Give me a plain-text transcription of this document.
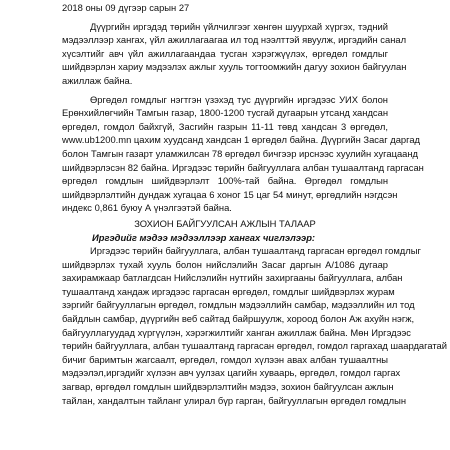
2018 оны 09 дүгээр сарын 27
Дүүргийн иргэдэд төрийн үйлчилгээг хөнгөн шуурхай хүргэх, тэдний
мэдээллээр хангах, үйл ажиллагаагаа ил тод нээлттэй явуулж, иргэдийн санал
хүсэлтийг авч үйл ажиллагаандаа тусган хэрэгжүүлэх, өргөдөл гомдлыг
шийдвэрлэн хариу мэдээлэх ажлыг хууль тогтоомжийн дагуу зохион байгуулан
ажиллаж байна.
Өргөдөл гомдлыг нэгтгэн үзэхэд тус дүүргийн иргэдээс УИХ болон
Ерөнхийлөгчийн Тамгын газар, 1800-1200 тусгай дугаарын утсанд хандсан
өргөдөл, гомдол байхгүй, Засгийн газрын 11-11 төвд хандсан 3 өргөдөл,
www.ub1200.mn цахим хуудсанд хандсан 1 өргөдөл байна. Дүүргийн Засаг даргад
болон Тамгын газарт уламжилсан 78 өргөдөл бичгээр ирснээс хуулийн хугацаанд
шийдвэрлэсэн 82 байна. Иргэдээс төрийн байгууллага албан тушаалтанд гаргасан
өргөдөл гомдлын шийдвэрлэлт 100%-тай байна. Өргөдөл гомдлын
шийдвэрлэлтийн дундаж хугацаа 6 хоног 15 цаг 54 минут, өргөдлийн нэгдсэн
индекс 0,861 буюу А үнэлгээтэй байна.
ЗОХИОН БАЙГУУЛСАН АЖЛЫН ТАЛААР
Иргэдийг мэдээ мэдээллээр хангах чиглэлээр:
Иргэдээс төрийн байгууллага, албан тушаалтанд гаргасан өргөдөл гомдлыг
шийдвэрлэх тухай хууль болон нийслэлийн Засаг даргын А/1086 дугаар
захирамжаар батлагдсан Нийслэлийн нутгийн захиргааны байгууллага, албан
тушаалтанд хандаж иргэдээс гаргасан өргөдөл, гомдлыг шийдвэрлэх журам
зэргийг байгууллагын өргөдөл, гомдлын мэдээллийн самбар, мэдээллийн ил тод
байдлын самбар, дүүргийн веб сайтад байршуулж, хороод болон Аж ахуйн нэгж,
байгууллагуудад хүргүүлэн, хэрэгжилтийг ханган ажиллаж байна. Мөн Иргэдээс
төрийн байгууллага, албан тушаалтанд гаргасан өргөдөл, гомдол гаргахад шаардагатай
бичиг баримтын жагсаалт, өргөдөл, гомдол хүлээн авах албан тушаалтны
мэдээлэл,иргэдийг хүлээн авч уулзах цагийн хуваарь, өргөдөл, гомдол гаргах
загвар, өргөдөл гомдлын шийдвэрлэлтийн мэдээ, зохион байгуулсан ажлын
тайлан, хандалтын тайланг улирал бүр гарган, байгууллагын өргөдөл гомдлын
